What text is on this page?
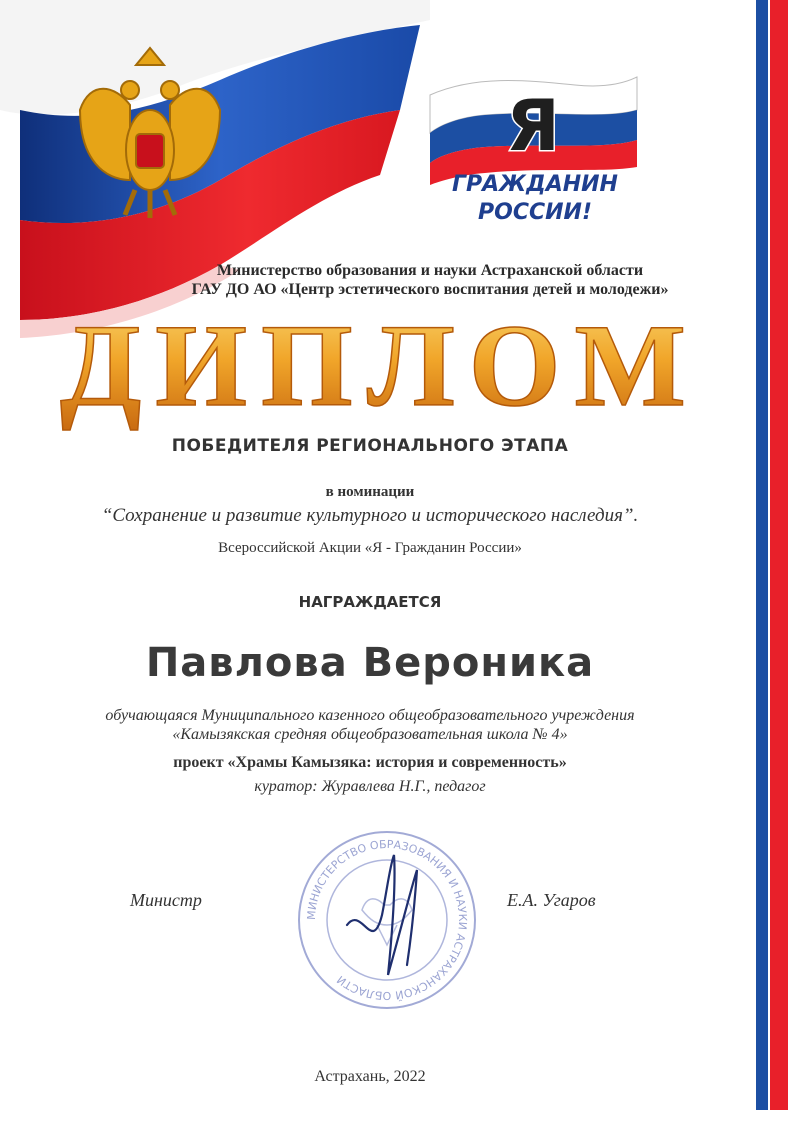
Я
ГРАЖДАНИН
РОССИИ!
Министерство образования и науки Астраханской области
ГАУ ДО АО «Центр эстетического воспитания детей и молодежи»
ДИПЛОМ
ПОБЕДИТЕЛЯ РЕГИОНАЛЬНОГО ЭТАПА
в номинации
“Сохранение и развитие культурного и исторического наследия”.
Всероссийской Акции «Я - Гражданин России»
НАГРАЖДАЕТСЯ
Павлова Вероника
обучающаяся Муниципального казенного общеобразовательного учреждения
«Камызякская средняя общеобразовательная школа № 4»
проект «Храмы Камызяка: история и современность»
куратор: Журавлева Н.Г., педагог
МИНИСТЕРСТВО ОБРАЗОВАНИЯ И НАУКИ АСТРАХАНСКОЙ ОБЛАСТИ
Министр	Е.А. Угаров
Астрахань, 2022
